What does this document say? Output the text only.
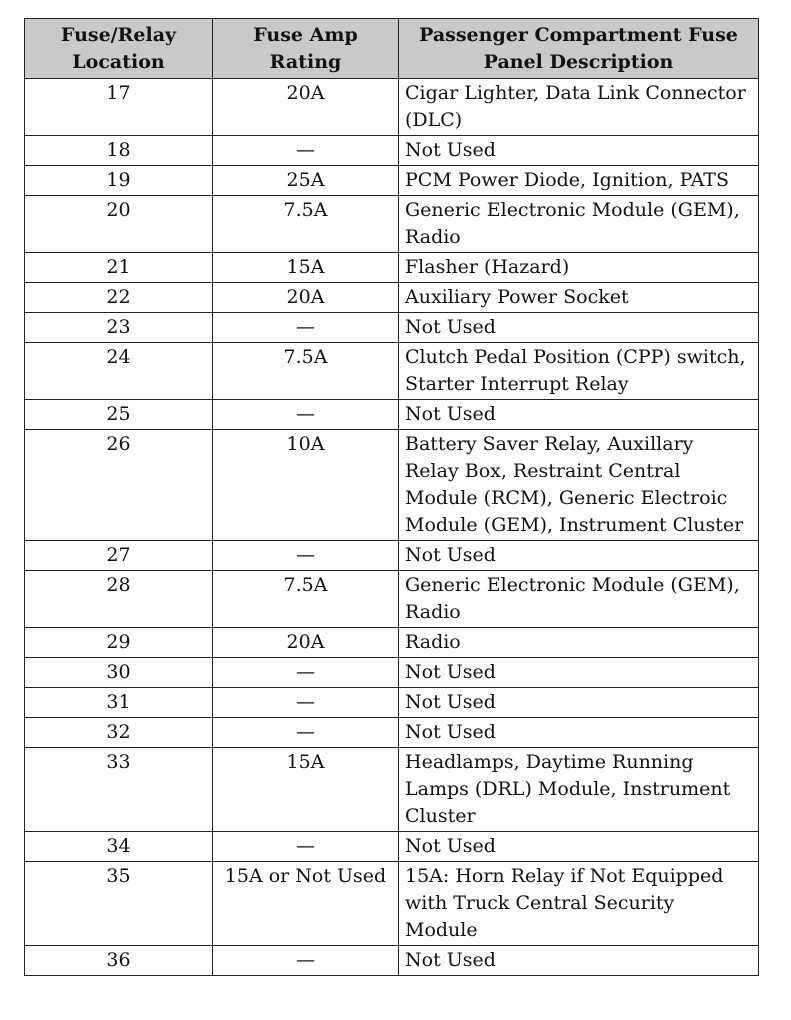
Fuse/Relay Location	Fuse Amp Rating	Passenger Compartment Fuse Panel Description
17	20A	Cigar Lighter, Data Link Connector (DLC)
18	—	Not Used
19	25A	PCM Power Diode, Ignition, PATS
20	7.5A	Generic Electronic Module (GEM), Radio
21	15A	Flasher (Hazard)
22	20A	Auxiliary Power Socket
23	—	Not Used
24	7.5A	Clutch Pedal Position (CPP) switch, Starter Interrupt Relay
25	—	Not Used
26	10A	Battery Saver Relay, Auxillary Relay Box, Restraint Central Module (RCM), Generic Electroic Module (GEM), Instrument Cluster
27	—	Not Used
28	7.5A	Generic Electronic Module (GEM), Radio
29	20A	Radio
30	—	Not Used
31	—	Not Used
32	—	Not Used
33	15A	Headlamps, Daytime Running Lamps (DRL) Module, Instrument Cluster
34	—	Not Used
35	15A or Not Used	15A: Horn Relay if Not Equipped with Truck Central Security Module
36	—	Not Used
